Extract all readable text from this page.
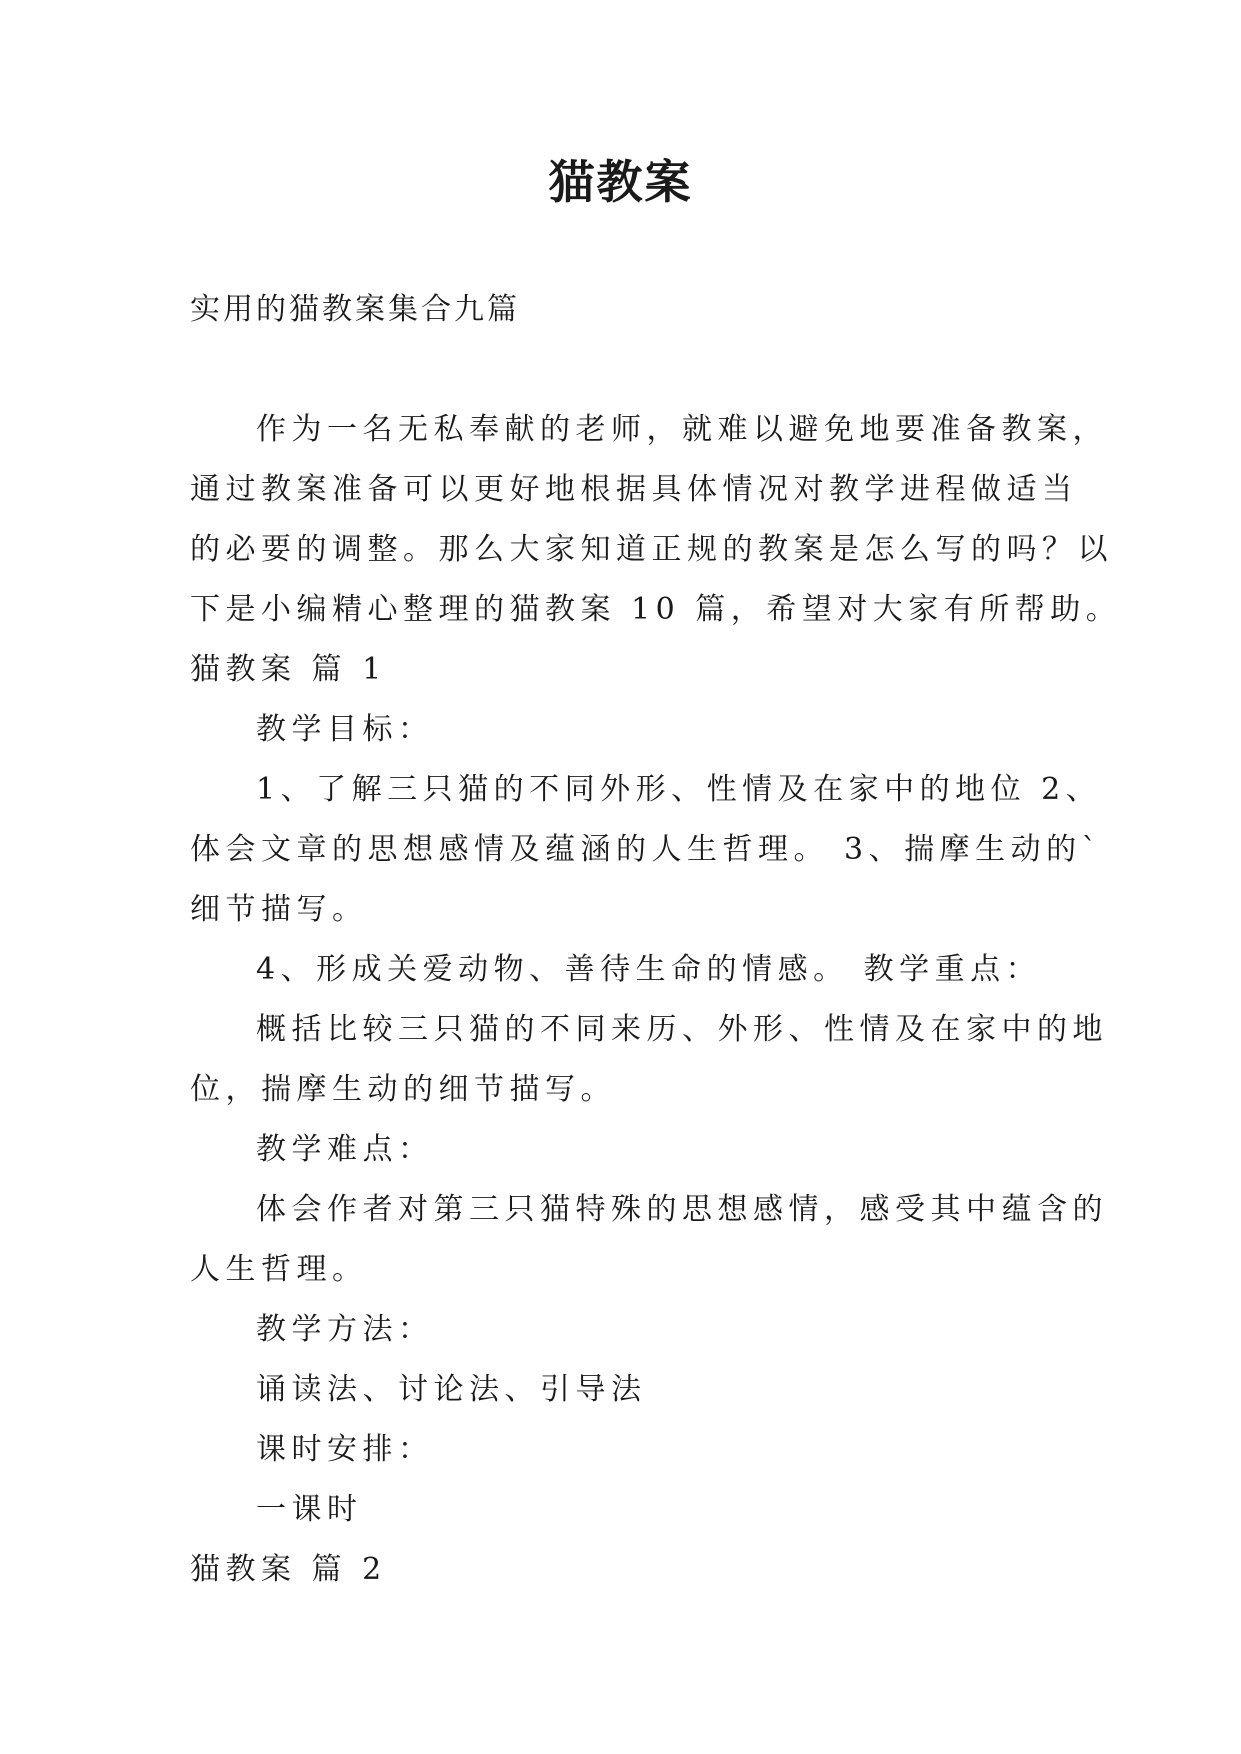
猫教案
实用的猫教案集合九篇
作为一名无私奉献的老师，就难以避免地要准备教案，
通过教案准备可以更好地根据具体情况对教学进程做适当
的必要的调整。那么大家知道正规的教案是怎么写的吗？以
下是小编精心整理的猫教案 10 篇，希望对大家有所帮助。
猫教案 篇 1
教学目标：
1、了解三只猫的不同外形、性情及在家中的地位 2、
体会文章的思想感情及蕴涵的人生哲理。 3、揣摩生动的`
细节描写。
4、形成关爱动物、善待生命的情感。 教学重点：
概括比较三只猫的不同来历、外形、性情及在家中的地
位，揣摩生动的细节描写。
教学难点：
体会作者对第三只猫特殊的思想感情，感受其中蕴含的
人生哲理。
教学方法：
诵读法、讨论法、引导法
课时安排：
一课时
猫教案 篇 2
